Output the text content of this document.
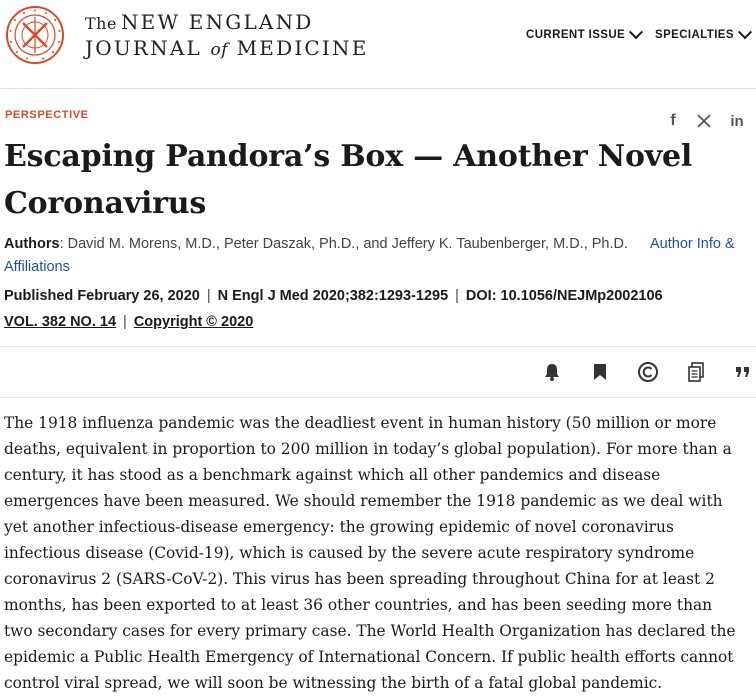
The NEW ENGLAND
JOURNAL of MEDICINE
CURRENT ISSUE	SPECIALTIES
PERSPECTIVE	f	in
Escaping Pandora’s Box — Another Novel Coronavirus
Authors: David M. Morens, M.D., Peter Daszak, Ph.D., and Jeffery K. Taubenberger, M.D., Ph.D. Author Info &

Affiliations
Published February 26, 2020 | N Engl J Med 2020;382:1293-1295 | DOI: 10.1056/NEJMp2002106
VOL. 382 NO. 14 | Copyright © 2020

The 1918 influenza pandemic was the deadliest event in human history (50 million or more deaths, equivalent in proportion to 200 million in today’s global population). For more than a century, it has stood as a benchmark against which all other pandemics and disease emergences have been measured. We should remember the 1918 pandemic as we deal with yet another infectious-disease emergency: the growing epidemic of novel coronavirus infectious disease (Covid-19), which is caused by the severe acute respiratory syndrome coronavirus 2 (SARS-CoV-2). This virus has been spreading throughout China for at least 2 months, has been exported to at least 36 other countries, and has been seeding more than two secondary cases for every primary case. The World Health Organization has declared the epidemic a Public Health Emergency of International Concern. If public health efforts cannot control viral spread, we will soon be witnessing the birth of a fatal global pandemic.
